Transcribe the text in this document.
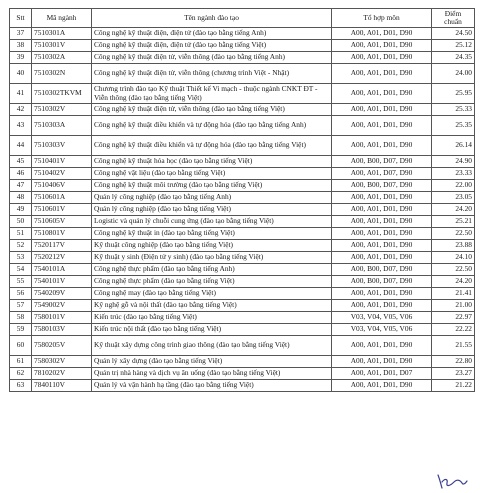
Stt	Mã ngành	Tên ngành đào tạo	Tổ hợp môn	Điểm
chuẩn

37	7510301A	Công nghệ kỹ thuật điện, điện tử (đào tạo bằng tiếng Anh)	A00, A01, D01, D90	24.50
38	7510301V	Công nghệ kỹ thuật điện, điện tử (đào tạo bằng tiếng Việt)	A00, A01, D01, D90	25.12
39	7510302A	Công nghệ kỹ thuật điện tử, viễn thông (đào tạo bằng tiếng Anh)	A00, A01, D01, D90	24.35
40	7510302N	Công nghệ kỹ thuật điện tử, viễn thông (chương trình Việt - Nhật)	A00, A01, D01, D90	24.00
41	7510302TKVM	Chương trình đào tạo Kỹ thuật Thiết kế Vi mạch - thuộc ngành CNKT ĐT - Viễn thông (đào tạo bằng tiếng Việt)	A00, A01, D01, D90	25.95
42	7510302V	Công nghệ kỹ thuật điện tử, viễn thông (đào tạo bằng tiếng Việt)	A00, A01, D01, D90	25.33
43	7510303A	Công nghệ kỹ thuật điều khiển và tự động hóa (đào tạo bằng tiếng Anh)	A00, A01, D01, D90	25.35
44	7510303V	Công nghệ kỹ thuật điều khiển và tự động hóa (đào tạo bằng tiếng Việt)	A00, A01, D01, D90	26.14
45	7510401V	Công nghệ kỹ thuật hóa học (đào tạo bằng tiếng Việt)	A00, B00, D07, D90	24.90
46	7510402V	Công nghệ vật liệu (đào tạo bằng tiếng Việt)	A00, A01, D07, D90	23.33
47	7510406V	Công nghệ kỹ thuật môi trường (đào tạo bằng tiếng Việt)	A00, B00, D07, D90	22.00
48	7510601A	Quản lý công nghiệp (đào tạo bằng tiếng Anh)	A00, A01, D01, D90	23.05
49	7510601V	Quản lý công nghiệp (đào tạo bằng tiếng Việt)	A00, A01, D01, D90	24.20
50	7510605V	Logistic và quản lý chuỗi cung ứng (đào tạo bằng tiếng Việt)	A00, A01, D01, D90	25.21
51	7510801V	Công nghệ kỹ thuật in (đào tạo bằng tiếng Việt)	A00, A01, D01, D90	22.50
52	7520117V	Kỹ thuật công nghiệp (đào tạo bằng tiếng Việt)	A00, A01, D01, D90	23.88
53	7520212V	Kỹ thuật y sinh (Điện tử y sinh) (đào tạo bằng tiếng Việt)	A00, A01, D01, D90	24.10
54	7540101A	Công nghệ thực phẩm (đào tạo bằng tiếng Anh)	A00, B00, D07, D90	22.50
55	7540101V	Công nghệ thực phẩm (đào tạo bằng tiếng Việt)	A00, B00, D07, D90	24.20
56	7540209V	Công nghệ may (đào tạo bằng tiếng Việt)	A00, A01, D01, D90	21.41
57	7549002V	Kỹ nghệ gỗ và nội thất (đào tạo bằng tiếng Việt)	A00, A01, D01, D90	21.00
58	7580101V	Kiến trúc (đào tạo bằng tiếng Việt)	V03, V04, V05, V06	22.97
59	7580103V	Kiến trúc nội thất (đào tạo bằng tiếng Việt)	V03, V04, V05, V06	22.22
60	7580205V	Kỹ thuật xây dựng công trình giao thông (đào tạo bằng tiếng Việt)	A00, A01, D01, D90	21.55
61	7580302V	Quản lý xây dựng (đào tạo bằng tiếng Việt)	A00, A01, D01, D90	22.80
62	7810202V	Quản trị nhà hàng và dịch vụ ăn uống (đào tạo bằng tiếng Việt)	A00, A01, D01, D07	23.27
63	7840110V	Quản lý và vận hành hạ tầng (đào tạo bằng tiếng Việt)	A00, A01, D01, D90	21.22
